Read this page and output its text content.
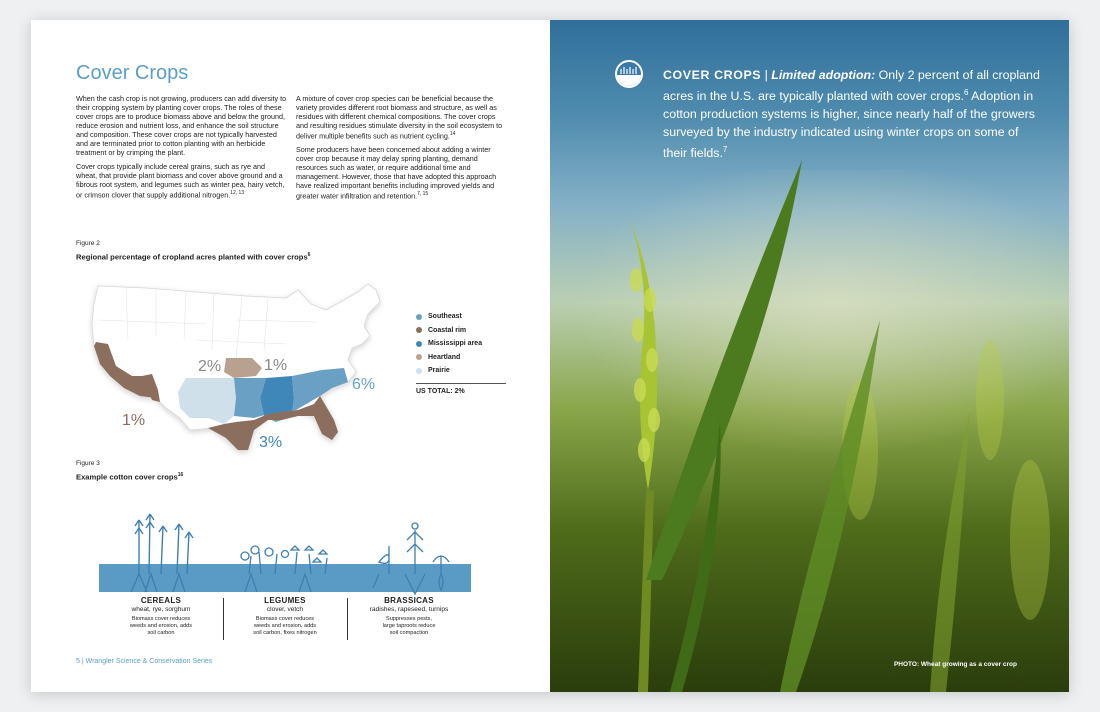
Cover Crops

When the cash crop is not growing, producers can add diversity to their cropping system by planting cover crops. The roles of these cover crops are to produce biomass above and below the ground, reduce erosion and nutrient loss, and enhance the soil structure and composition. These cover crops are not typically harvested and are terminated prior to cotton planting with an herbicide treatment or by crimping the plant.

Cover crops typically include cereal grains, such as rye and wheat, that provide plant biomass and cover above ground and a fibrous root system, and legumes such as winter pea, hairy vetch, or crimson clover that supply additional nitrogen.$^{12, 13}$

A mixture of cover crop species can be beneficial because the variety provides different root biomass and structure, as well as residues with different chemical compositions. The cover crops and resulting residues stimulate diversity in the soil ecosystem to deliver multiple benefits such as nutrient cycling.$^{14}$

Some producers have been concerned about adding a winter cover crop because it may delay spring planting, demand resources such as water, or require additional time and management. However, those that have adopted this approach have realized important benefits including improved yields and greater water infiltration and retention.$^{7, 15}$

Figure 2
Regional percentage of cropland acres planted with cover crops$^6$
2%	1%
1%
3%
6%
Southeast
Coastal rim
Mississippi area
Heartland
Prairie
US TOTAL: 2%
Figure 3
Example cotton cover crops$^{16}$
CEREALS
wheat, rye, sorghum
Biomass cover reduces
weeds and erosion, adds
soil carbon
LEGUMES
clover, vetch
Biomass cover reduces
weeds and erosion, adds
soil carbon, fixes nitrogen
BRASSICAS
radishes, rapeseed, turnips
Suppresses pests,
large taproots reduce
soil compaction
5 | Wrangler Science & Conservation Series
COVER CROPS | Limited adoption: Only 2 percent of all cropland acres in the U.S. are typically planted with cover crops.$^6$ Adoption in cotton production systems is higher, since nearly half of the growers surveyed by the industry indicated using winter crops on some of their fields.$^7$
PHOTO: Wheat growing as a cover crop
